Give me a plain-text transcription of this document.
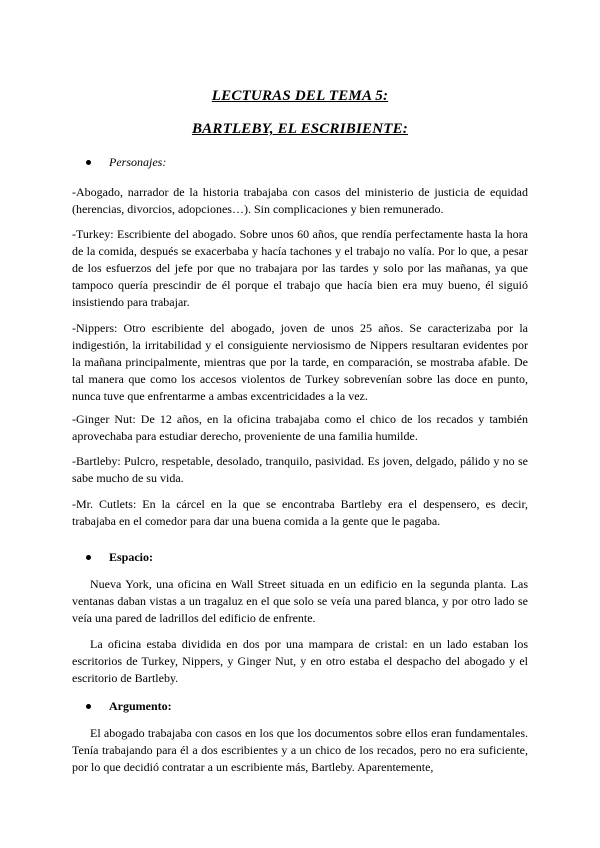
LECTURAS DEL TEMA 5:
BARTLEBY, EL ESCRIBIENTE:
Personajes:

-Abogado, narrador de la historia trabajaba con casos del ministerio de justicia de equidad (herencias, divorcios, adopciones…). Sin complicaciones y bien remunerado.

-Turkey: Escribiente del abogado. Sobre unos 60 años, que rendía perfectamente hasta la hora de la comida, después se exacerbaba y hacía tachones y el trabajo no valía. Por lo que, a pesar de los esfuerzos del jefe por que no trabajara por las tardes y solo por las mañanas, ya que tampoco quería prescindir de él porque el trabajo que hacía bien era muy bueno, él siguió insistiendo para trabajar.

-Nippers: Otro escribiente del abogado, joven de unos 25 años. Se caracterizaba por la indigestión, la irritabilidad y el consiguiente nerviosismo de Nippers resultaran evidentes por la mañana principalmente, mientras que por la tarde, en comparación, se mostraba afable. De tal manera que como los accesos violentos de Turkey sobrevenían sobre las doce en punto, nunca tuve que enfrentarme a ambas excentricidades a la vez.

-Ginger Nut: De 12 años, en la oficina trabajaba como el chico de los recados y también aprovechaba para estudiar derecho, proveniente de una familia humilde.

-Bartleby: Pulcro, respetable, desolado, tranquilo, pasividad. Es joven, delgado, pálido y no se sabe mucho de su vida.

-Mr. Cutlets: En la cárcel en la que se encontraba Bartleby era el despensero, es decir, trabajaba en el comedor para dar una buena comida a la gente que le pagaba.

Espacio:

Nueva York, una oficina en Wall Street situada en un edificio en la segunda planta. Las ventanas daban vistas a un tragaluz en el que solo se veía una pared blanca, y por otro lado se veía una pared de ladrillos del edificio de enfrente.

La oficina estaba dividida en dos por una mampara de cristal: en un lado estaban los escritorios de Turkey, Nippers, y Ginger Nut, y en otro estaba el despacho del abogado y el escritorio de Bartleby.

Argumento:

El abogado trabajaba con casos en los que los documentos sobre ellos eran fundamentales. Tenía trabajando para él a dos escribientes y a un chico de los recados, pero no era suficiente, por lo que decidió contratar a un escribiente más, Bartleby. Aparentemente,
